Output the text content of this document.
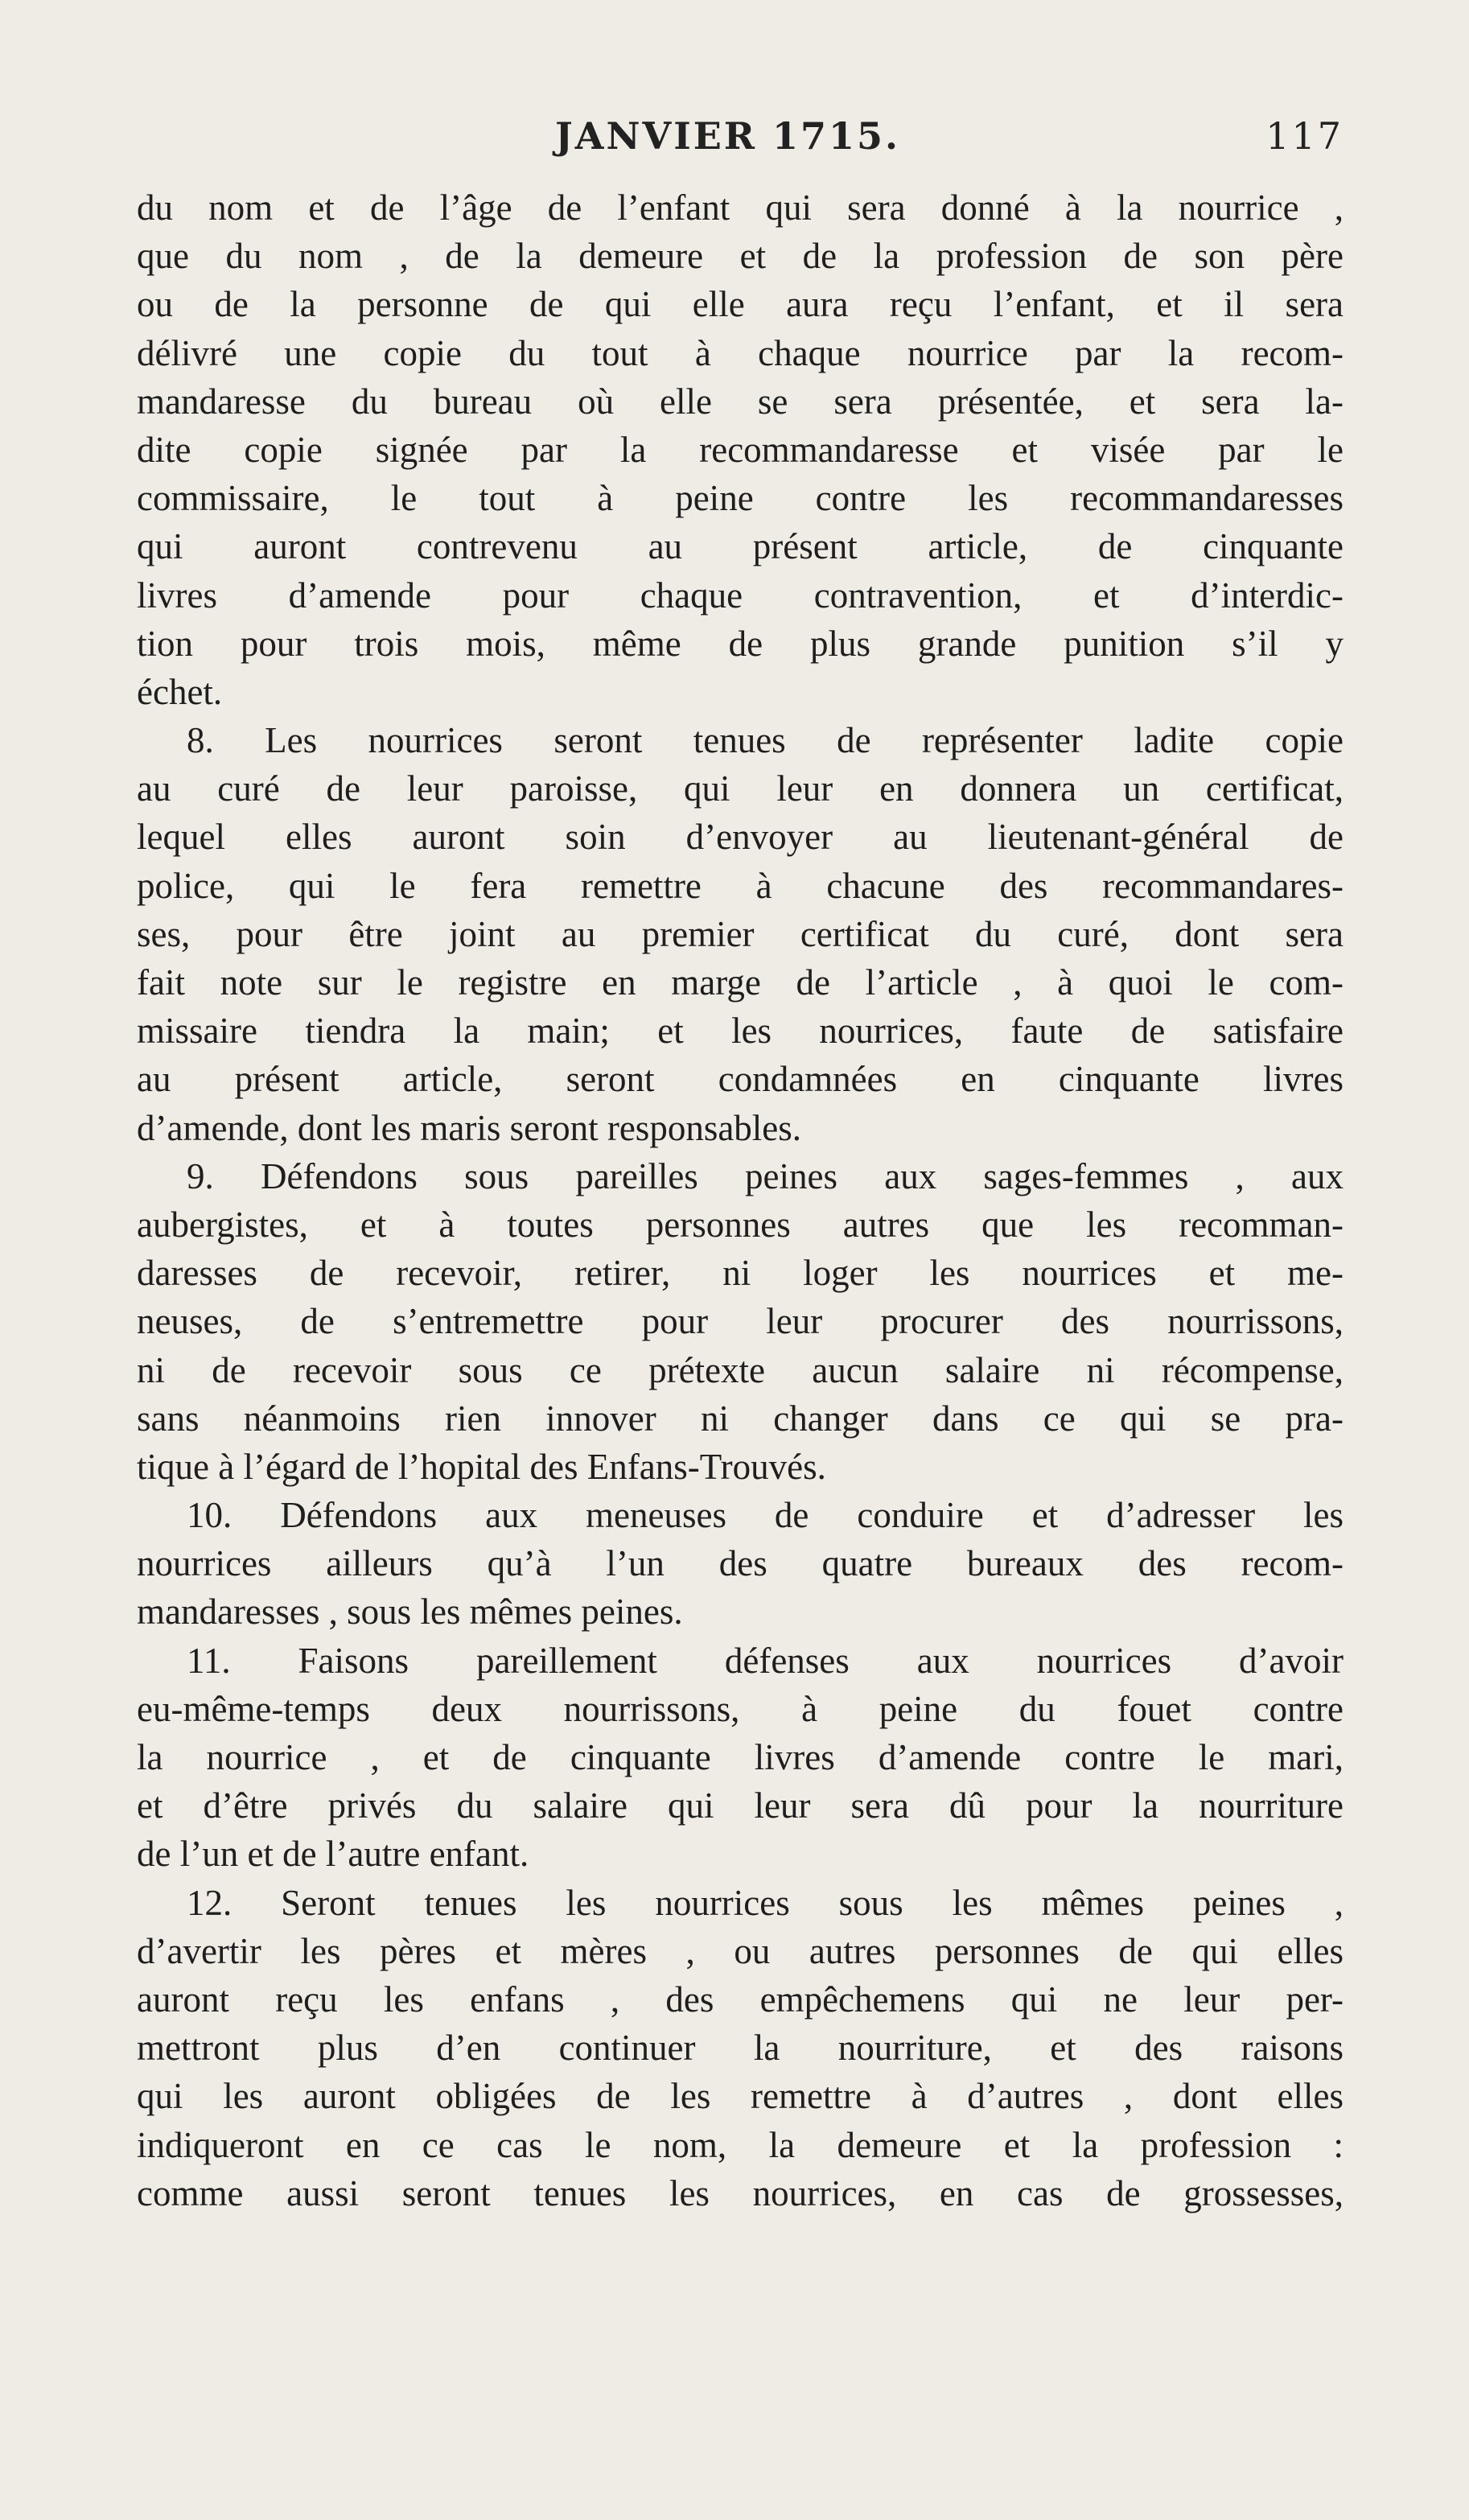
JANVIER 1715.	117
du nom et de l’âge de l’enfant qui sera donné à la nourrice ,
que du nom , de la demeure et de la profession de son père
ou de la personne de qui elle aura reçu l’enfant, et il sera
délivré une copie du tout à chaque nourrice par la recom-
mandaresse du bureau où elle se sera présentée, et sera la-
dite copie signée par la recommandaresse et visée par le
commissaire, le tout à peine contre les recommandaresses
qui auront contrevenu au présent article, de cinquante
livres d’amende pour chaque contravention, et d’interdic-
tion pour trois mois, même de plus grande punition s’il y
échet.
8. Les nourrices seront tenues de représenter ladite copie
au curé de leur paroisse, qui leur en donnera un certificat,
lequel elles auront soin d’envoyer au lieutenant-général de
police, qui le fera remettre à chacune des recommandares-
ses, pour être joint au premier certificat du curé, dont sera
fait note sur le registre en marge de l’article , à quoi le com-
missaire tiendra la main; et les nourrices, faute de satisfaire
au présent article, seront condamnées en cinquante livres
d’amende, dont les maris seront responsables.
9. Défendons sous pareilles peines aux sages-femmes , aux
aubergistes, et à toutes personnes autres que les recomman-
daresses de recevoir, retirer, ni loger les nourrices et me-
neuses, de s’entremettre pour leur procurer des nourrissons,
ni de recevoir sous ce prétexte aucun salaire ni récompense,
sans néanmoins rien innover ni changer dans ce qui se pra-
tique à l’égard de l’hopital des Enfans-Trouvés.
10. Défendons aux meneuses de conduire et d’adresser les
nourrices ailleurs qu’à l’un des quatre bureaux des recom-
mandaresses , sous les mêmes peines.
11. Faisons pareillement défenses aux nourrices d’avoir
eu-même-temps deux nourrissons, à peine du fouet contre
la nourrice , et de cinquante livres d’amende contre le mari,
et d’être privés du salaire qui leur sera dû pour la nourriture
de l’un et de l’autre enfant.
12. Seront tenues les nourrices sous les mêmes peines ,
d’avertir les pères et mères , ou autres personnes de qui elles
auront reçu les enfans , des empêchemens qui ne leur per-
mettront plus d’en continuer la nourriture, et des raisons
qui les auront obligées de les remettre à d’autres , dont elles
indiqueront en ce cas le nom, la demeure et la profession :
comme aussi seront tenues les nourrices, en cas de grossesses,
